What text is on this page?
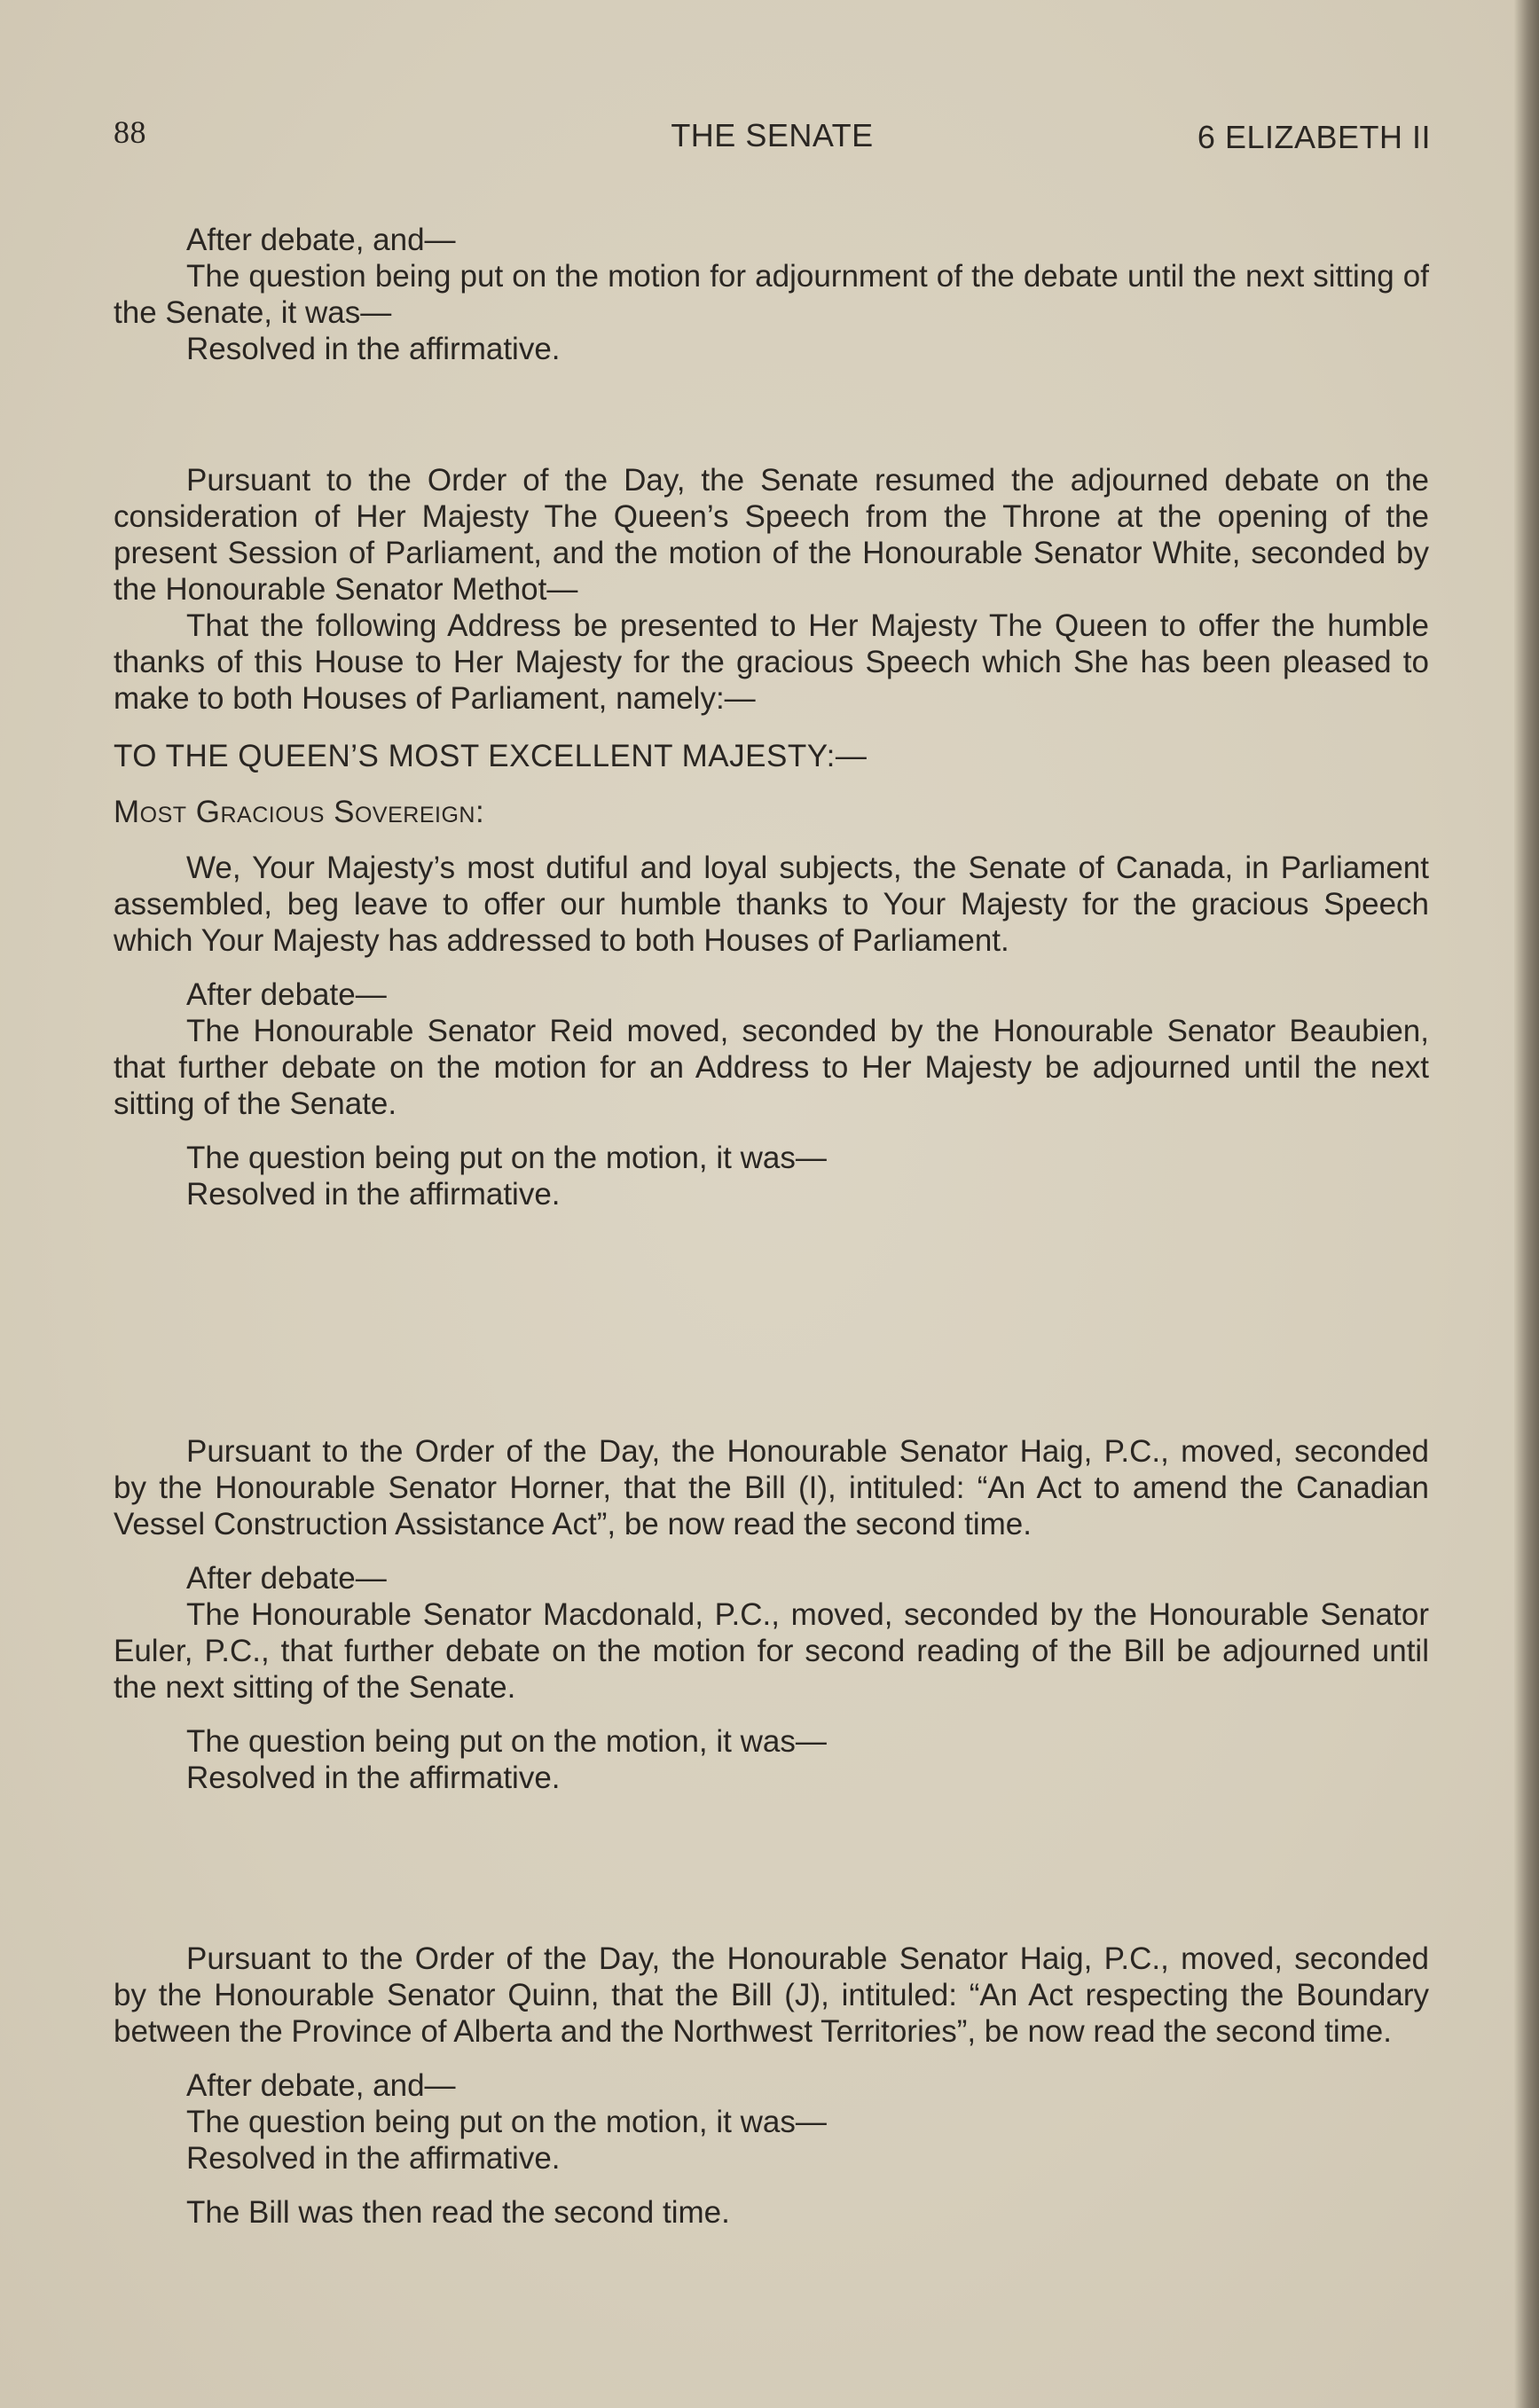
88	THE SENATE	6 ELIZABETH II

After debate, and—

The question being put on the motion for adjournment of the debate until the next sitting of the Senate, it was—

Resolved in the affirmative.

Pursuant to the Order of the Day, the Senate resumed the adjourned debate on the consideration of Her Majesty The Queen’s Speech from the Throne at the opening of the present Session of Parliament, and the motion of the Honourable Senator White, seconded by the Honourable Senator Methot—

That the following Address be presented to Her Majesty The Queen to offer the humble thanks of this House to Her Majesty for the gracious Speech which She has been pleased to make to both Houses of Parliament, namely:—

TO THE QUEEN’S MOST EXCELLENT MAJESTY:—

Most Gracious Sovereign:

We, Your Majesty’s most dutiful and loyal subjects, the Senate of Canada, in Parliament assembled, beg leave to offer our humble thanks to Your Majesty for the gracious Speech which Your Majesty has addressed to both Houses of Parliament.

After debate—

The Honourable Senator Reid moved, seconded by the Honourable Senator Beaubien, that further debate on the motion for an Address to Her Majesty be adjourned until the next sitting of the Senate.

The question being put on the motion, it was—

Resolved in the affirmative.

Pursuant to the Order of the Day, the Honourable Senator Haig, P.C., moved, seconded by the Honourable Senator Horner, that the Bill (I), intituled: “An Act to amend the Canadian Vessel Construction Assistance Act”, be now read the second time.

After debate—

The Honourable Senator Macdonald, P.C., moved, seconded by the Honourable Senator Euler, P.C., that further debate on the motion for second reading of the Bill be adjourned until the next sitting of the Senate.

The question being put on the motion, it was—

Resolved in the affirmative.

Pursuant to the Order of the Day, the Honourable Senator Haig, P.C., moved, seconded by the Honourable Senator Quinn, that the Bill (J), intituled: “An Act respecting the Boundary between the Province of Alberta and the Northwest Territories”, be now read the second time.

After debate, and—

The question being put on the motion, it was—

Resolved in the affirmative.

The Bill was then read the second time.
